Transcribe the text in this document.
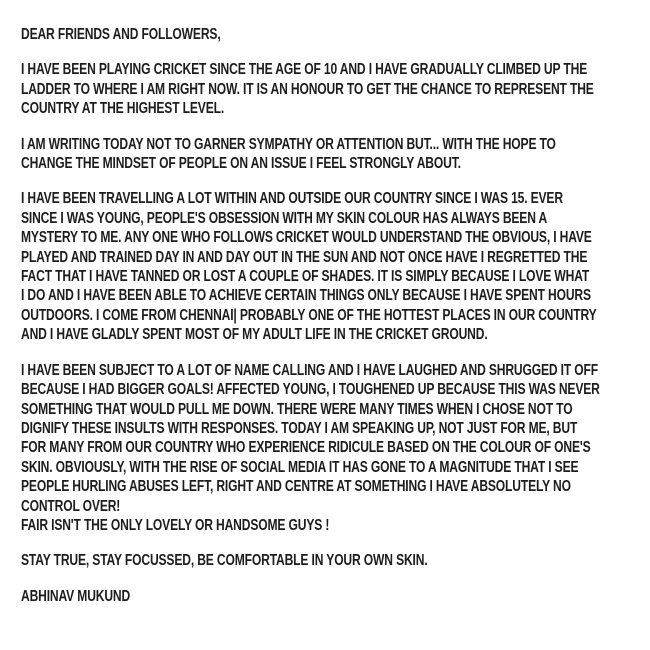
DEAR FRIENDS AND FOLLOWERS,
I HAVE BEEN PLAYING CRICKET SINCE THE AGE OF 10 AND I HAVE GRADUALLY CLIMBED UP THE
LADDER TO WHERE I AM RIGHT NOW. IT IS AN HONOUR TO GET THE CHANCE TO REPRESENT THE
COUNTRY AT THE HIGHEST LEVEL.
I AM WRITING TODAY NOT TO GARNER SYMPATHY OR ATTENTION BUT... WITH THE HOPE TO
CHANGE THE MINDSET OF PEOPLE ON AN ISSUE I FEEL STRONGLY ABOUT.
I HAVE BEEN TRAVELLING A LOT WITHIN AND OUTSIDE OUR COUNTRY SINCE I WAS 15. EVER
SINCE I WAS YOUNG, PEOPLE'S OBSESSION WITH MY SKIN COLOUR HAS ALWAYS BEEN A
MYSTERY TO ME. ANY ONE WHO FOLLOWS CRICKET WOULD UNDERSTAND THE OBVIOUS, I HAVE
PLAYED AND TRAINED DAY IN AND DAY OUT IN THE SUN AND NOT ONCE HAVE I REGRETTED THE
FACT THAT I HAVE TANNED OR LOST A COUPLE OF SHADES. IT IS SIMPLY BECAUSE I LOVE WHAT
I DO AND I HAVE BEEN ABLE TO ACHIEVE CERTAIN THINGS ONLY BECAUSE I HAVE SPENT HOURS
OUTDOORS. I COME FROM CHENNAI| PROBABLY ONE OF THE HOTTEST PLACES IN OUR COUNTRY
AND I HAVE GLADLY SPENT MOST OF MY ADULT LIFE IN THE CRICKET GROUND.
I HAVE BEEN SUBJECT TO A LOT OF NAME CALLING AND I HAVE LAUGHED AND SHRUGGED IT OFF
BECAUSE I HAD BIGGER GOALS! AFFECTED YOUNG, I TOUGHENED UP BECAUSE THIS WAS NEVER
SOMETHING THAT WOULD PULL ME DOWN. THERE WERE MANY TIMES WHEN I CHOSE NOT TO
DIGNIFY THESE INSULTS WITH RESPONSES. TODAY I AM SPEAKING UP, NOT JUST FOR ME, BUT
FOR MANY FROM OUR COUNTRY WHO EXPERIENCE RIDICULE BASED ON THE COLOUR OF ONE'S
SKIN. OBVIOUSLY, WITH THE RISE OF SOCIAL MEDIA IT HAS GONE TO A MAGNITUDE THAT I SEE
PEOPLE HURLING ABUSES LEFT, RIGHT AND CENTRE AT SOMETHING I HAVE ABSOLUTELY NO
CONTROL OVER!
FAIR ISN'T THE ONLY LOVELY OR HANDSOME GUYS !
STAY TRUE, STAY FOCUSSED, BE COMFORTABLE IN YOUR OWN SKIN.
ABHINAV MUKUND
